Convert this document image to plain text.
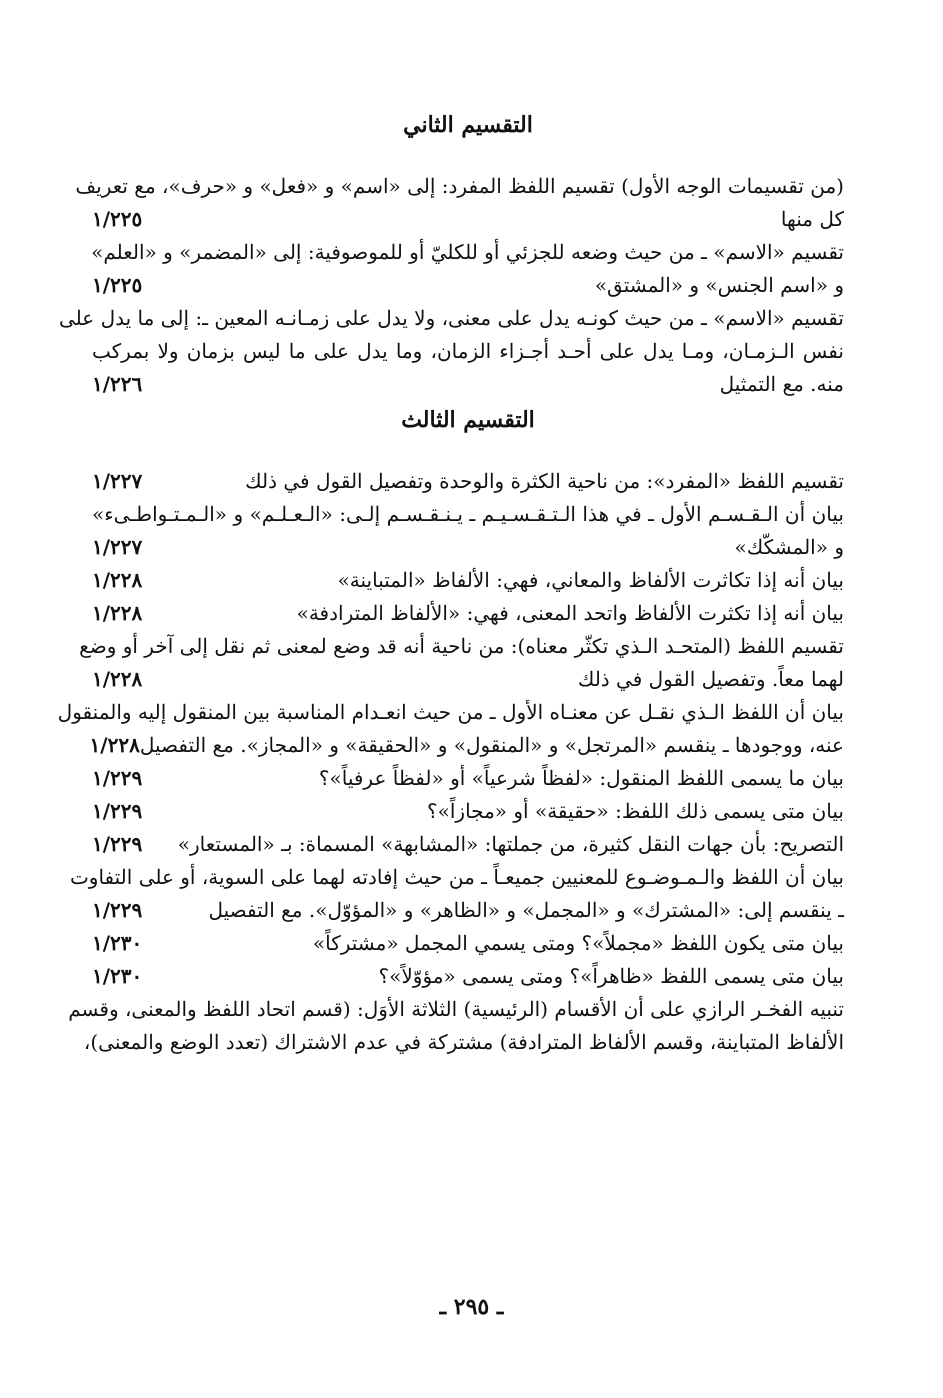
التقسيم الثاني
(من تقسيمات الوجه الأول) تقسيم اللفظ المفرد: إلى «اسم» و «فعل» و «حرف»، مع تعريف
كل منها
١/٢٢٥
تقسيم «الاسم» ـ من حيث وضعه للجزئي أو للكليّ أو للموصوفية: إلى «المضمر» و «العلم»
و «اسم الجنس» و «المشتق»
١/٢٢٥
تقسيم «الاسم» ـ من حيث كونـه يدل على معنى، ولا يدل على زمـانـه المعين ـ: إلى ما يدل على
نفس الـزمـان، ومـا يدل على أحـد أجـزاء الزمان، وما يدل على ما ليس بزمان ولا بمركب
منه. مع التمثيل
١/٢٢٦
التقسيم الثالث
تقسيم اللفظ «المفرد»: من ناحية الكثرة والوحدة وتفصيل القول في ذلك
١/٢٢٧
بيان أن الـقـسـم الأول ـ في هذا الـتـقـسـيـم ـ يـنـقـسـم إلـى: «الـعـلـم» و «الـمـتـواطـىء»
و «المشكّك»
١/٢٢٧
بيان أنه إذا تكاثرت الألفاظ والمعاني، فهي: الألفاظ «المتباينة»
١/٢٢٨
بيان أنه إذا تكثرت الألفاظ واتحد المعنى، فهي: «الألفاظ المترادفة»
١/٢٢٨
تقسيم اللفظ (المتحـد الـذي تكثّر معناه): من ناحية أنه قد وضع لمعنى ثم نقل إلى آخر أو وضع
لهما معاً. وتفصيل القول في ذلك
١/٢٢٨
بيان أن اللفظ الـذي نقـل عن معنـاه الأول ـ من حيث انعـدام المناسبة بين المنقول إليه والمنقول
عنه، ووجودها ـ ينقسم «المرتجل» و «المنقول» و «الحقيقة» و «المجاز». مع التفصيل
١/٢٢٨
بيان ما يسمى اللفظ المنقول: «لفظاً شرعياً» أو «لفظاً عرفياً»؟
١/٢٢٩
بيان متى يسمى ذلك اللفظ: «حقيقة» أو «مجازاً»؟
١/٢٢٩
التصريح: بأن جهات النقل كثيرة، من جملتها: «المشابهة» المسماة: بـ «المستعار»
١/٢٢٩
بيان أن اللفظ والـمـوضـوع للمعنيين جميعـاً ـ من حيث إفادته لهما على السوية، أو على التفاوت
ـ ينقسم إلى: «المشترك» و «المجمل» و «الظاهر» و «المؤوّل». مع التفصيل
١/٢٢٩
بيان متى يكون اللفظ «مجملاً»؟ ومتى يسمي المجمل «مشتركاً»
١/٢٣٠
بيان متى يسمى اللفظ «ظاهراً»؟ ومتى يسمى «مؤوّلاً»؟
١/٢٣٠
تنبيه الفخـر الرازي على أن الأقسام (الرئيسية) الثلاثة الأوَل: (قسم اتحاد اللفظ والمعنى، وقسم
الألفاظ المتباينة، وقسم الألفاظ المترادفة) مشتركة في عدم الاشتراك (تعدد الوضع والمعنى)،
ـ ٢٩٥ ـ
